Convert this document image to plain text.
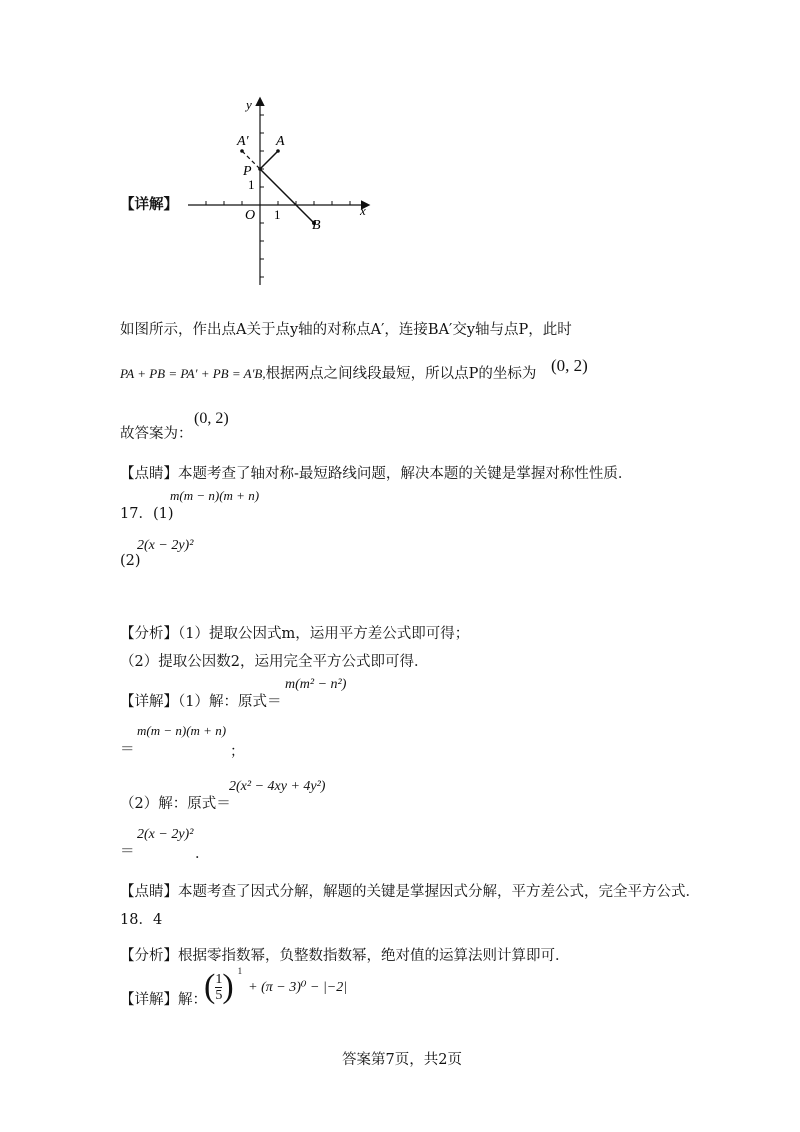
【详解】
y
x
O 1
1
A
A′
P
B
如图所示，作出点A关于点y轴的对称点A′，连接BA′交y轴与点P，此时
PA + PB = PA′ + PB = A′B,根据两点之间线段最短，所以点P的坐标为 (0, 2)
故答案为：
(0, 2)
【点睛】本题考查了轴对称-最短路线问题，解决本题的关键是掌握对称性性质．
17．(1)
m(m − n)(m + n)
(2)
2(x − 2y)²
【分析】（1）提取公因式m，运用平方差公式即可得；
（2）提取公因数2，运用完全平方公式即可得．
【详解】（1）解：原式＝
m(m² − n²)
＝
m(m − n)(m + n)
；
（2）解：原式＝
2(x² − 4xy + 4y²)
＝
2(x − 2y)²
．
【点睛】本题考查了因式分解，解题的关键是掌握因式分解，平方差公式，完全平方公式．
18．4
【分析】根据零指数幂，负整数指数幂，绝对值的运算法则计算即可．
【详解】解：
( $\frac{1}{5}$ ) 1
+ (π − 3)⁰ − |−2|
答案第7页，共2页
